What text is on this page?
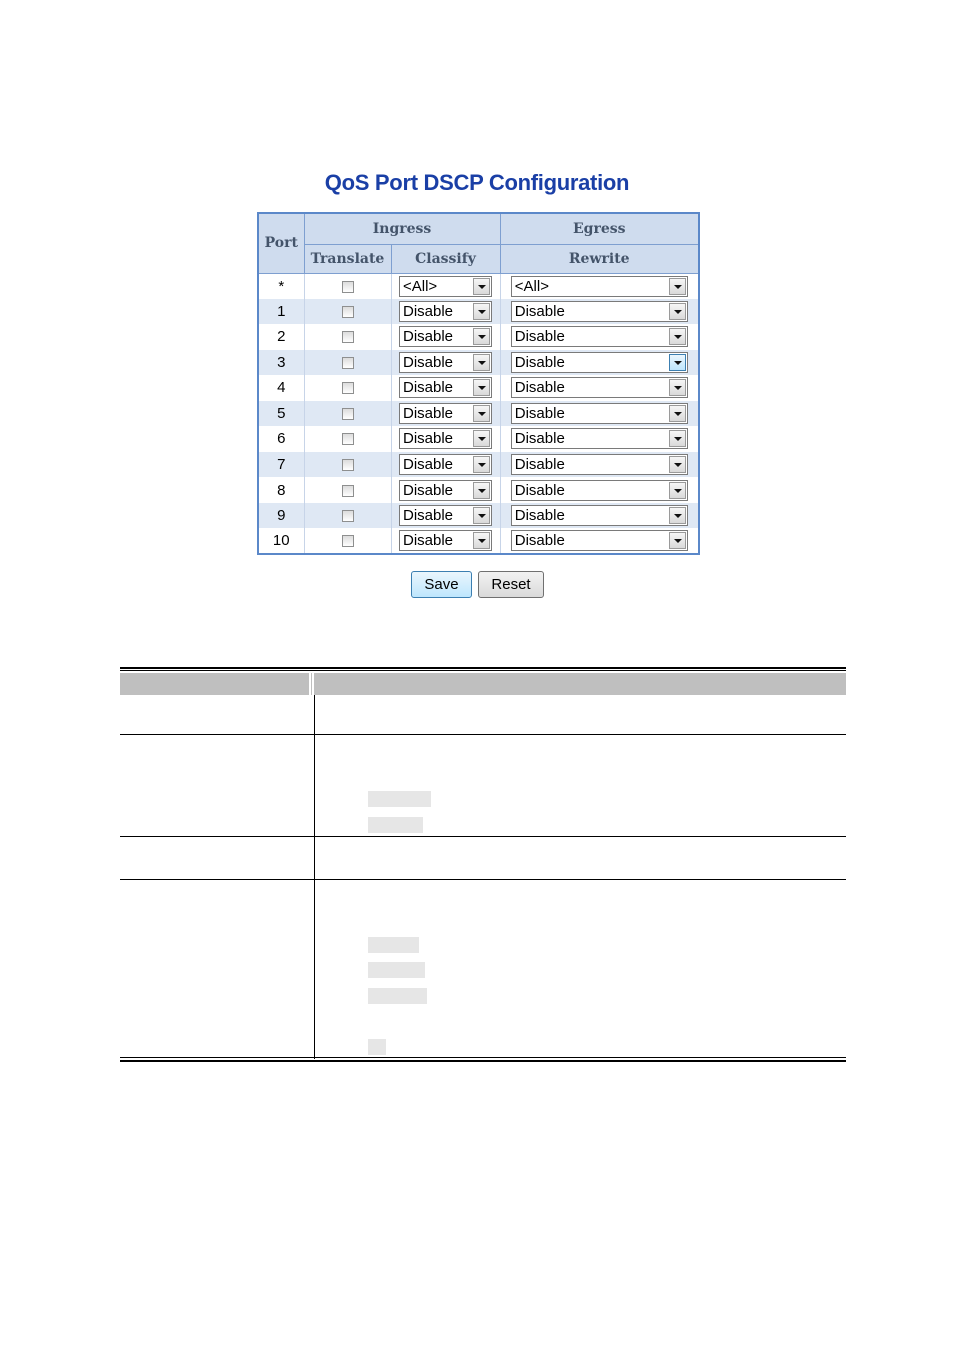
QoS Port DSCP Configuration
Port	Ingress		Egress
	Translate	Classify	Rewrite
*		<All>	<All>

1		Disable	Disable

2		Disable	Disable

3		Disable	Disable

4		Disable	Disable

5		Disable	Disable

6		Disable	Disable

7		Disable	Disable

8		Disable	Disable

9		Disable	Disable

10		Disable	Disable
Save	Reset
